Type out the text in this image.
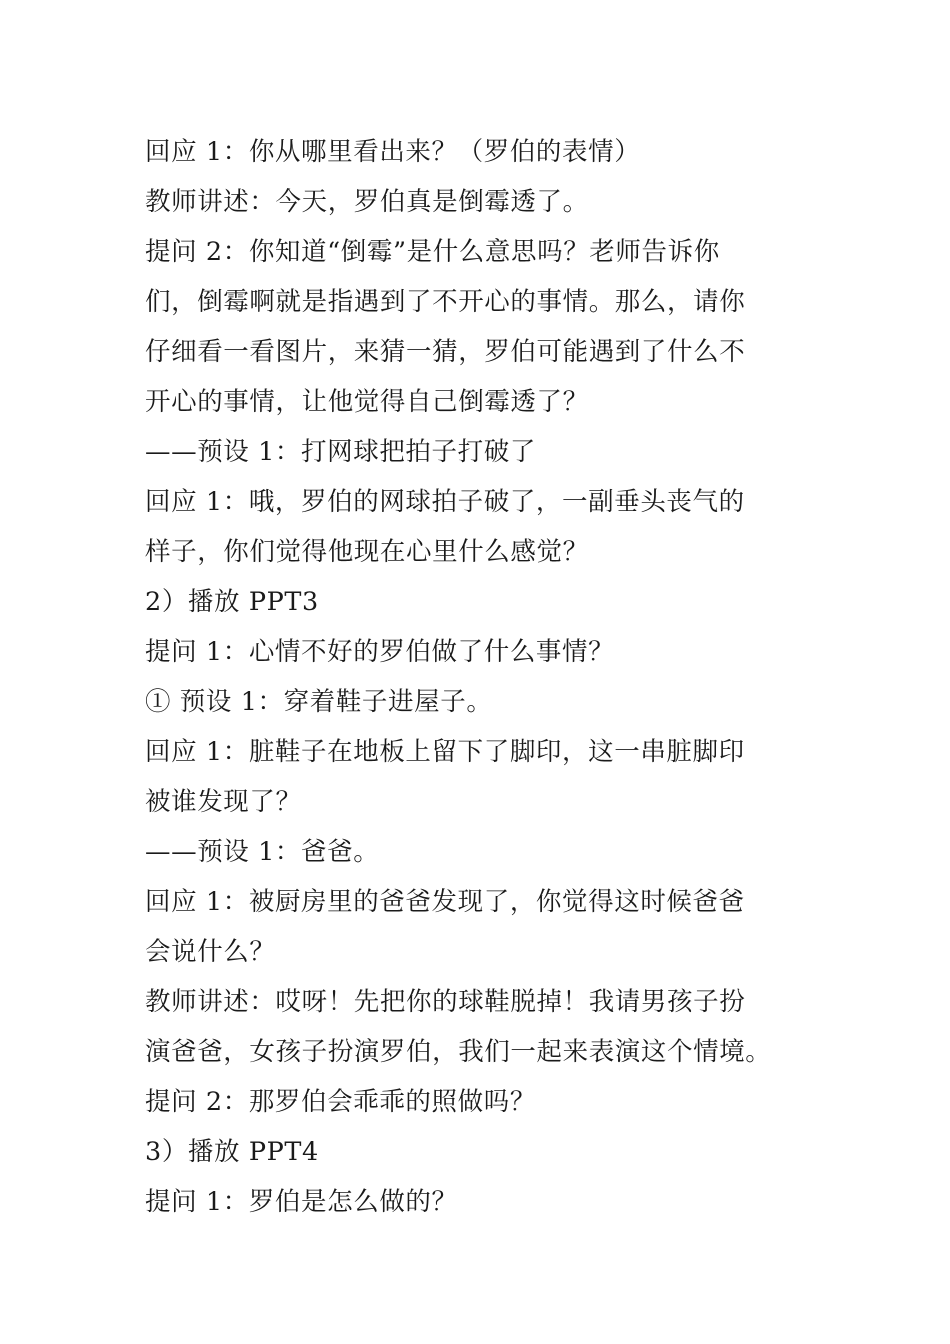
回应 1：你从哪里看出来？（罗伯的表情）
教师讲述：今天，罗伯真是倒霉透了。
提问 2：你知道“倒霉”是什么意思吗？老师告诉你
们，倒霉啊就是指遇到了不开心的事情。那么，请你
仔细看一看图片，来猜一猜，罗伯可能遇到了什么不
开心的事情，让他觉得自己倒霉透了？
——预设 1：打网球把拍子打破了
回应 1：哦，罗伯的网球拍子破了，一副垂头丧气的
样子，你们觉得他现在心里什么感觉？
2）播放 PPT3
提问 1：心情不好的罗伯做了什么事情？
① 预设 1：穿着鞋子进屋子。
回应 1：脏鞋子在地板上留下了脚印，这一串脏脚印
被谁发现了？
——预设 1：爸爸。
回应 1：被厨房里的爸爸发现了，你觉得这时候爸爸
会说什么？
教师讲述：哎呀！先把你的球鞋脱掉！我请男孩子扮
演爸爸，女孩子扮演罗伯，我们一起来表演这个情境。
提问 2：那罗伯会乖乖的照做吗？
3）播放 PPT4
提问 1：罗伯是怎么做的？
